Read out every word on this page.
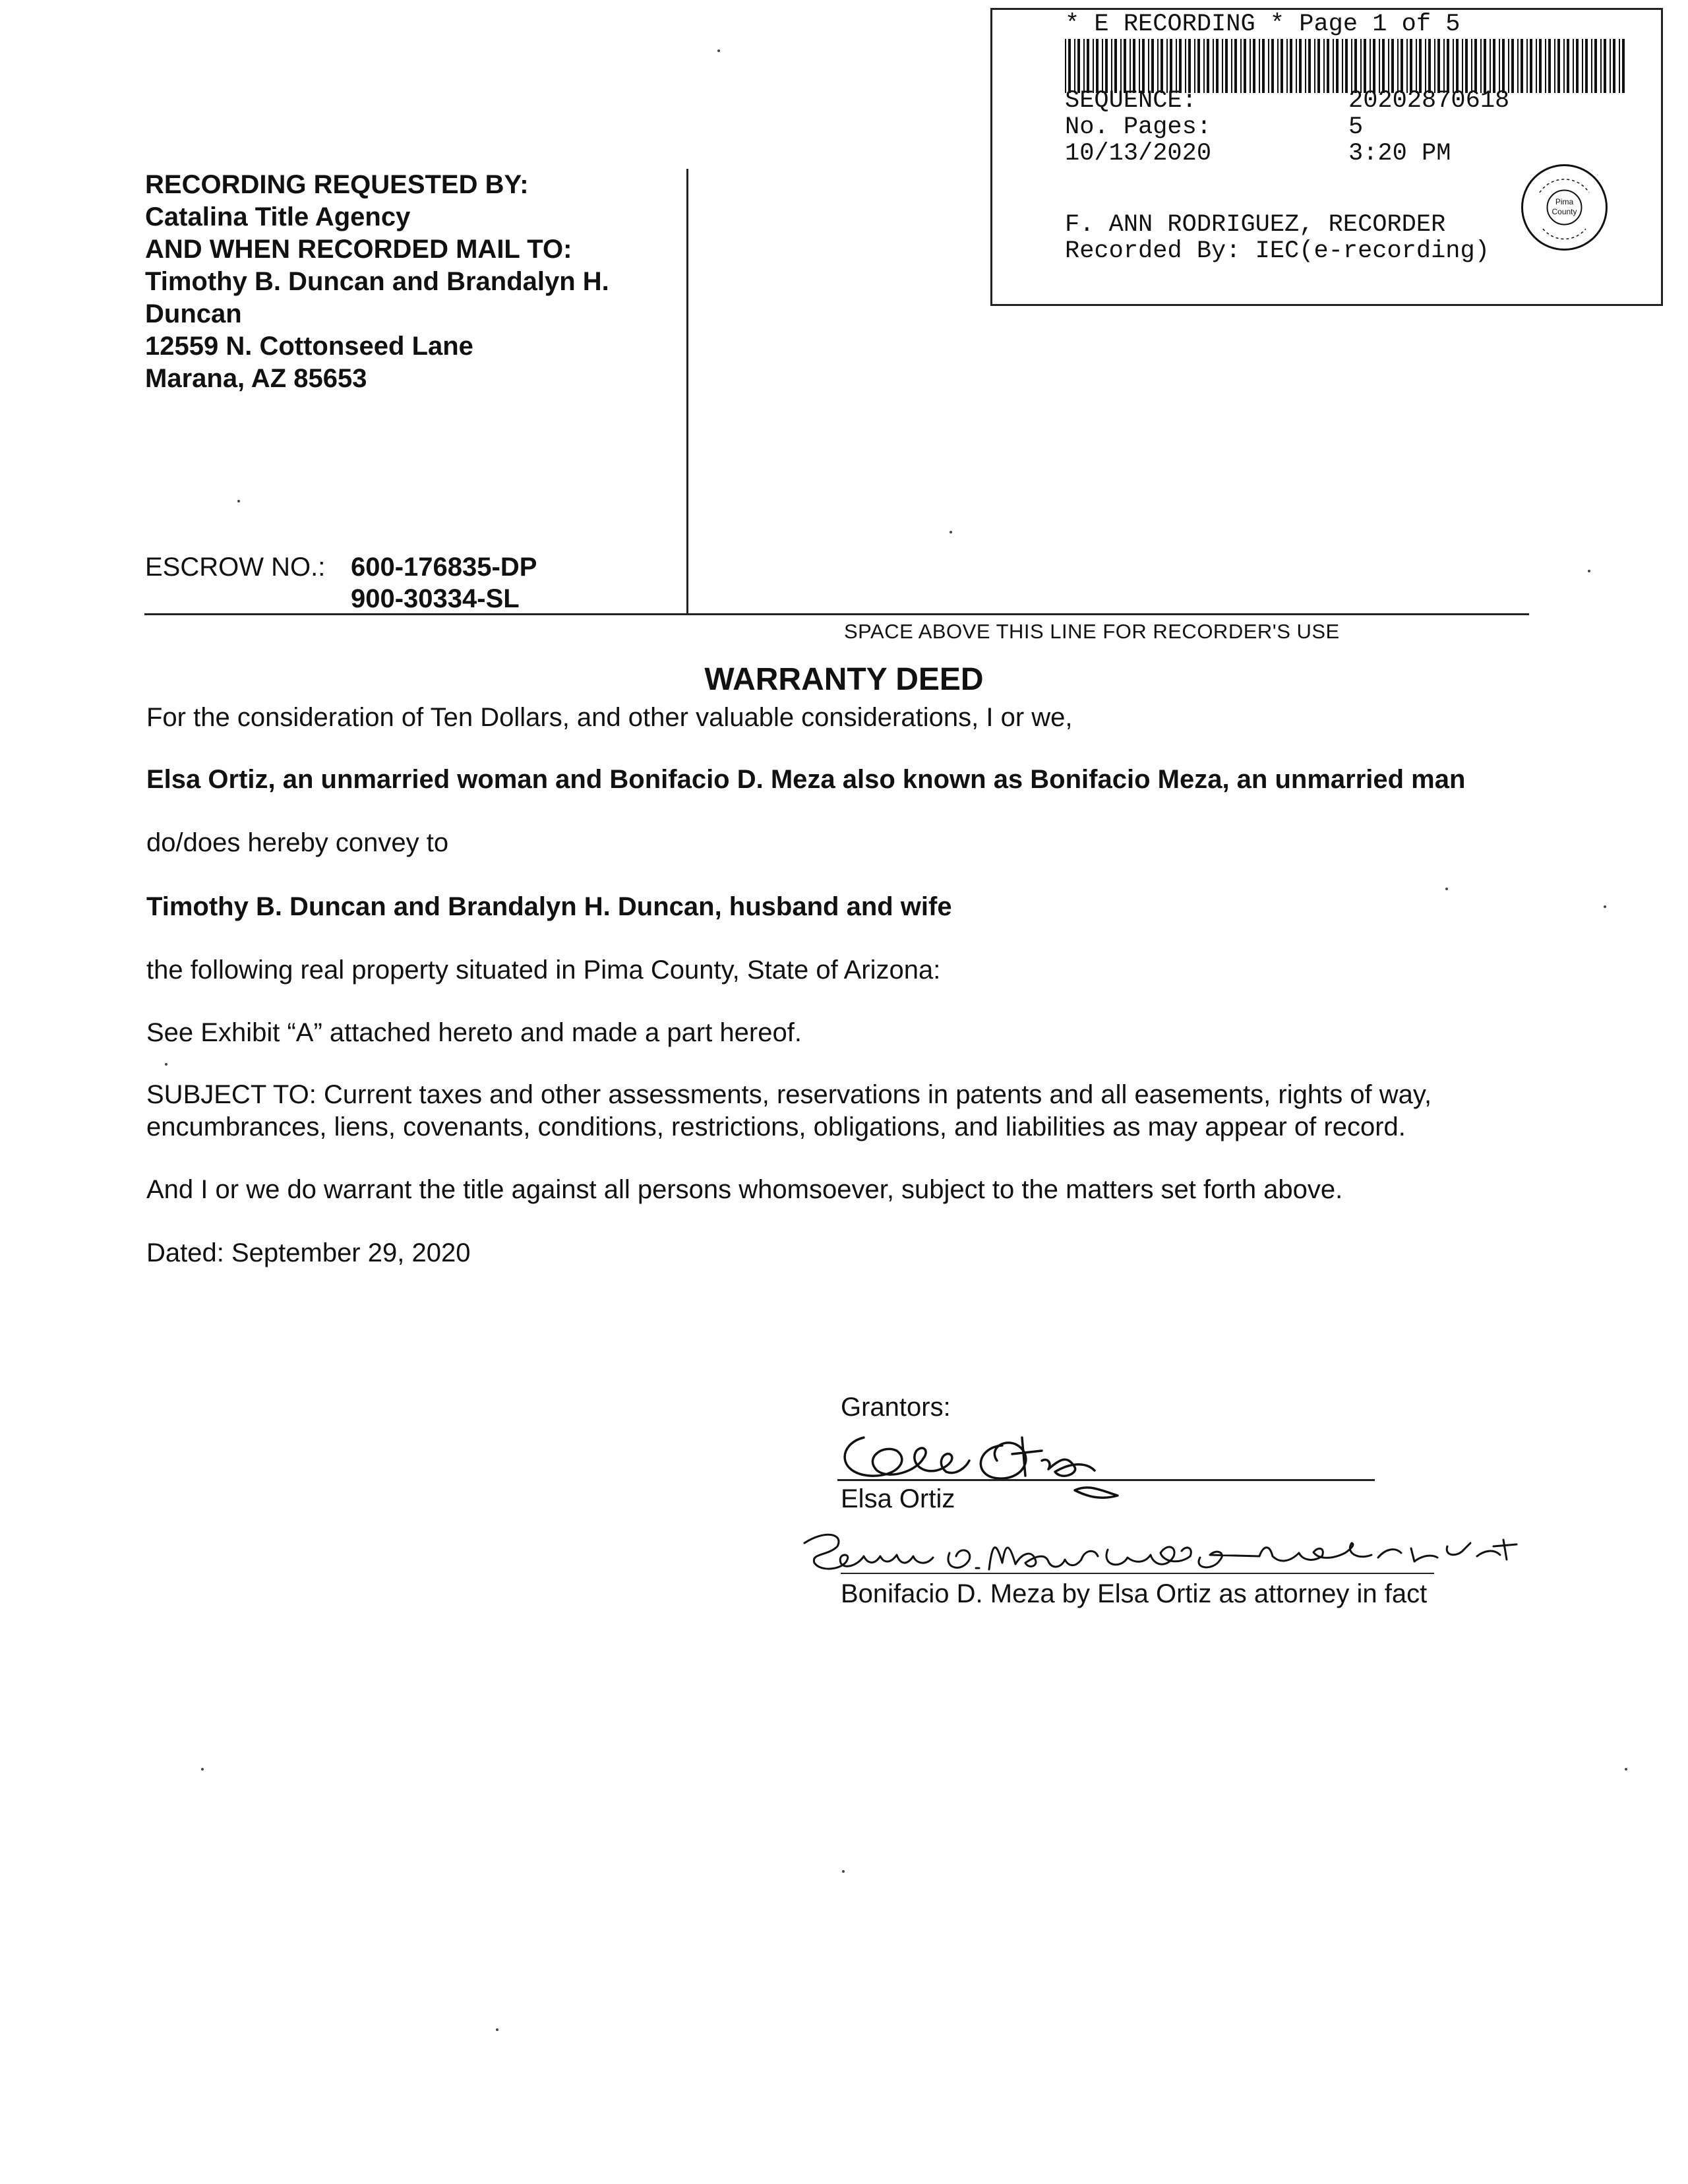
* E RECORDING * Page 1 of 5
SEQUENCE:	20202870618
No. Pages:	5
10/13/2020	3:20 PM
F. ANN RODRIGUEZ, RECORDER
Recorded By: IEC(e-recording)
Pima
County
RECORDING REQUESTED BY:
Catalina Title Agency
AND WHEN RECORDED MAIL TO:
Timothy B. Duncan and Brandalyn H.
Duncan
12559 N. Cottonseed Lane
Marana, AZ 85653
ESCROW NO.: 600-176835-DP
900-30334-SL
SPACE ABOVE THIS LINE FOR RECORDER'S USE
WARRANTY DEED
For the consideration of Ten Dollars, and other valuable considerations, I or we,
Elsa Ortiz, an unmarried woman and Bonifacio D. Meza also known as Bonifacio Meza, an unmarried man
do/does hereby convey to
Timothy B. Duncan and Brandalyn H. Duncan, husband and wife
the following real property situated in Pima County, State of Arizona:
See Exhibit “A” attached hereto and made a part hereof.
SUBJECT TO: Current taxes and other assessments, reservations in patents and all easements, rights of way,
encumbrances, liens, covenants, conditions, restrictions, obligations, and liabilities as may appear of record.
And I or we do warrant the title against all persons whomsoever, subject to the matters set forth above.
Dated: September 29, 2020
Grantors:
Elsa Ortiz
Bonifacio D. Meza by Elsa Ortiz as attorney in fact
